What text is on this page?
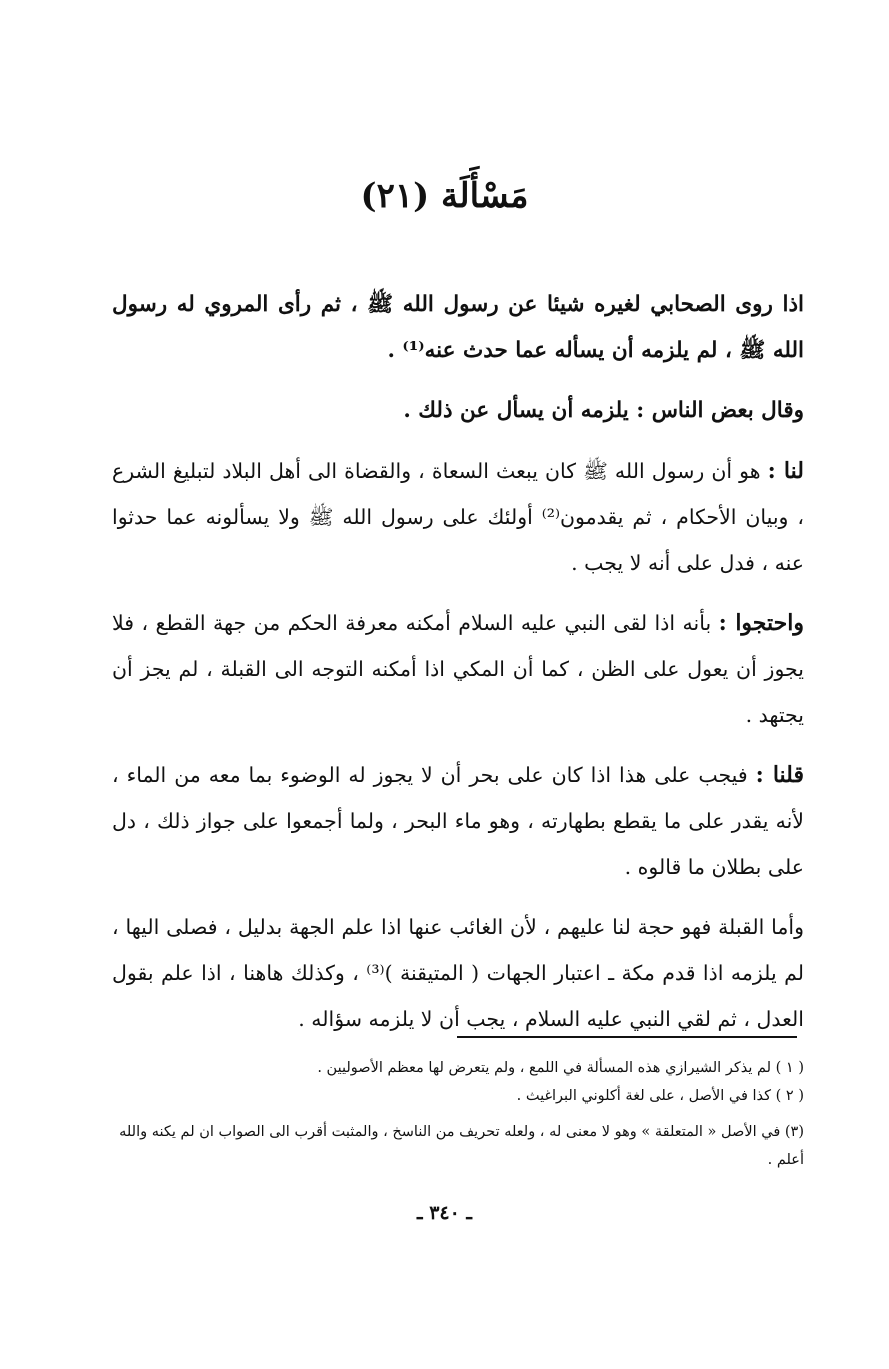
مَسْأَلَة (٢١)

اذا روى الصحابي لغيره شيئا عن رسول الله ﷺ ، ثم رأى المروي له رسول الله ﷺ ، لم يلزمه أن يسأله عما حدث عنه⁽¹⁾ .

وقال بعض الناس : يلزمه أن يسأل عن ذلك .

لنا : هو أن رسول الله ﷺ كان يبعث السعاة ، والقضاة الى أهل البلاد لتبليغ الشرع ، وبيان الأحكام ، ثم يقدمون⁽²⁾ أولئك على رسول الله ﷺ ولا يسألونه عما حدثوا عنه ، فدل على أنه لا يجب .

واحتجوا : بأنه اذا لقى النبي عليه السلام أمكنه معرفة الحكم من جهة القطع ، فلا يجوز أن يعول على الظن ، كما أن المكي اذا أمكنه التوجه الى القبلة ، لم يجز أن يجتهد .

قلنا : فيجب على هذا اذا كان على بحر أن لا يجوز له الوضوء بما معه من الماء ، لأنه يقدر على ما يقطع بطهارته ، وهو ماء البحر ، ولما أجمعوا على جواز ذلك ، دل على بطلان ما قالوه .

وأما القبلة فهو حجة لنا عليهم ، لأن الغائب عنها اذا علم الجهة بدليل ، فصلى اليها ، لم يلزمه اذا قدم مكة ـ اعتبار الجهات ( المتيقنة )⁽³⁾ ، وكذلك هاهنا ، اذا علم بقول العدل ، ثم لقي النبي عليه السلام ، يجب أن لا يلزمه سؤاله .

( ١ ) لم يذكر الشيرازي هذه المسألة في اللمع ، ولم يتعرض لها معظم الأصوليين .

( ٢ ) كذا في الأصل ، على لغة أكلوني البراغيث .

(٣) في الأصل « المتعلقة » وهو لا معنى له ، ولعله تحريف من الناسخ ، والمثبت أقرب الى الصواب ان لم يكنه والله أعلم .

ـ ٣٤٠ ـ
